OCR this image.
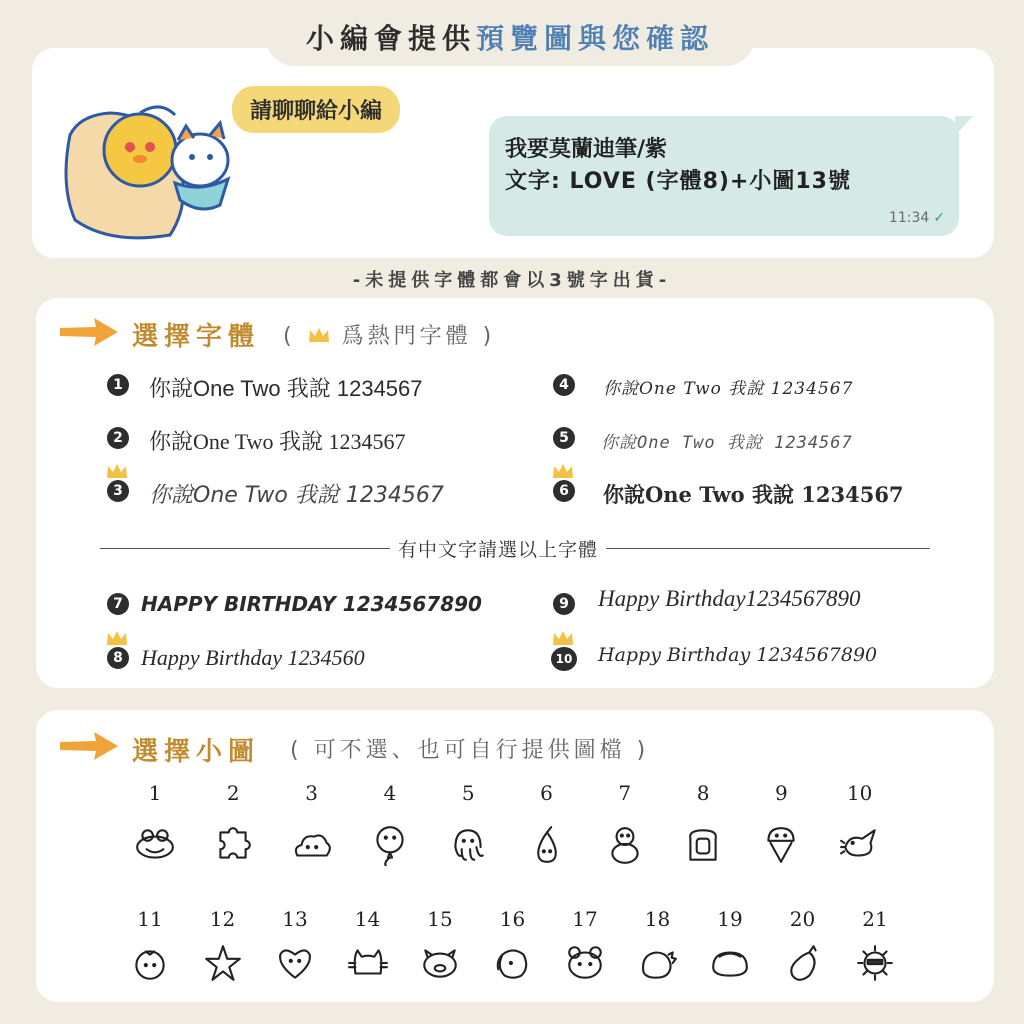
小編會提供 預覽圖與您確認
請聊聊給小編
我要莫蘭迪筆/紫
文字: LOVE (字體8)+小圖13號
11:34 ✓
-未提供字體都會以3號字出貨-
選擇字體 ( 爲熱門字體 )
1 你說One Two 我說 1234567
2 你說One Two 我說 1234567
3 你說One Two 我說 1234567
4	你說One Two 我說 1234567
5	你說One Two 我說 1234567
6 你說One Two 我說 1234567
有中文字請選以上字體
7 HAPPY BIRTHDAY 1234567890
8 Happy Birthday 1234560
9 Happy Birthday1234567890
10 Happy Birthday 1234567890
選擇小圖 ( 可不選、也可自行提供圖檔 )
1	2	3	4	5	6	7	8	9	10
11	12	13	14	15	16	17	18	19	20	21
